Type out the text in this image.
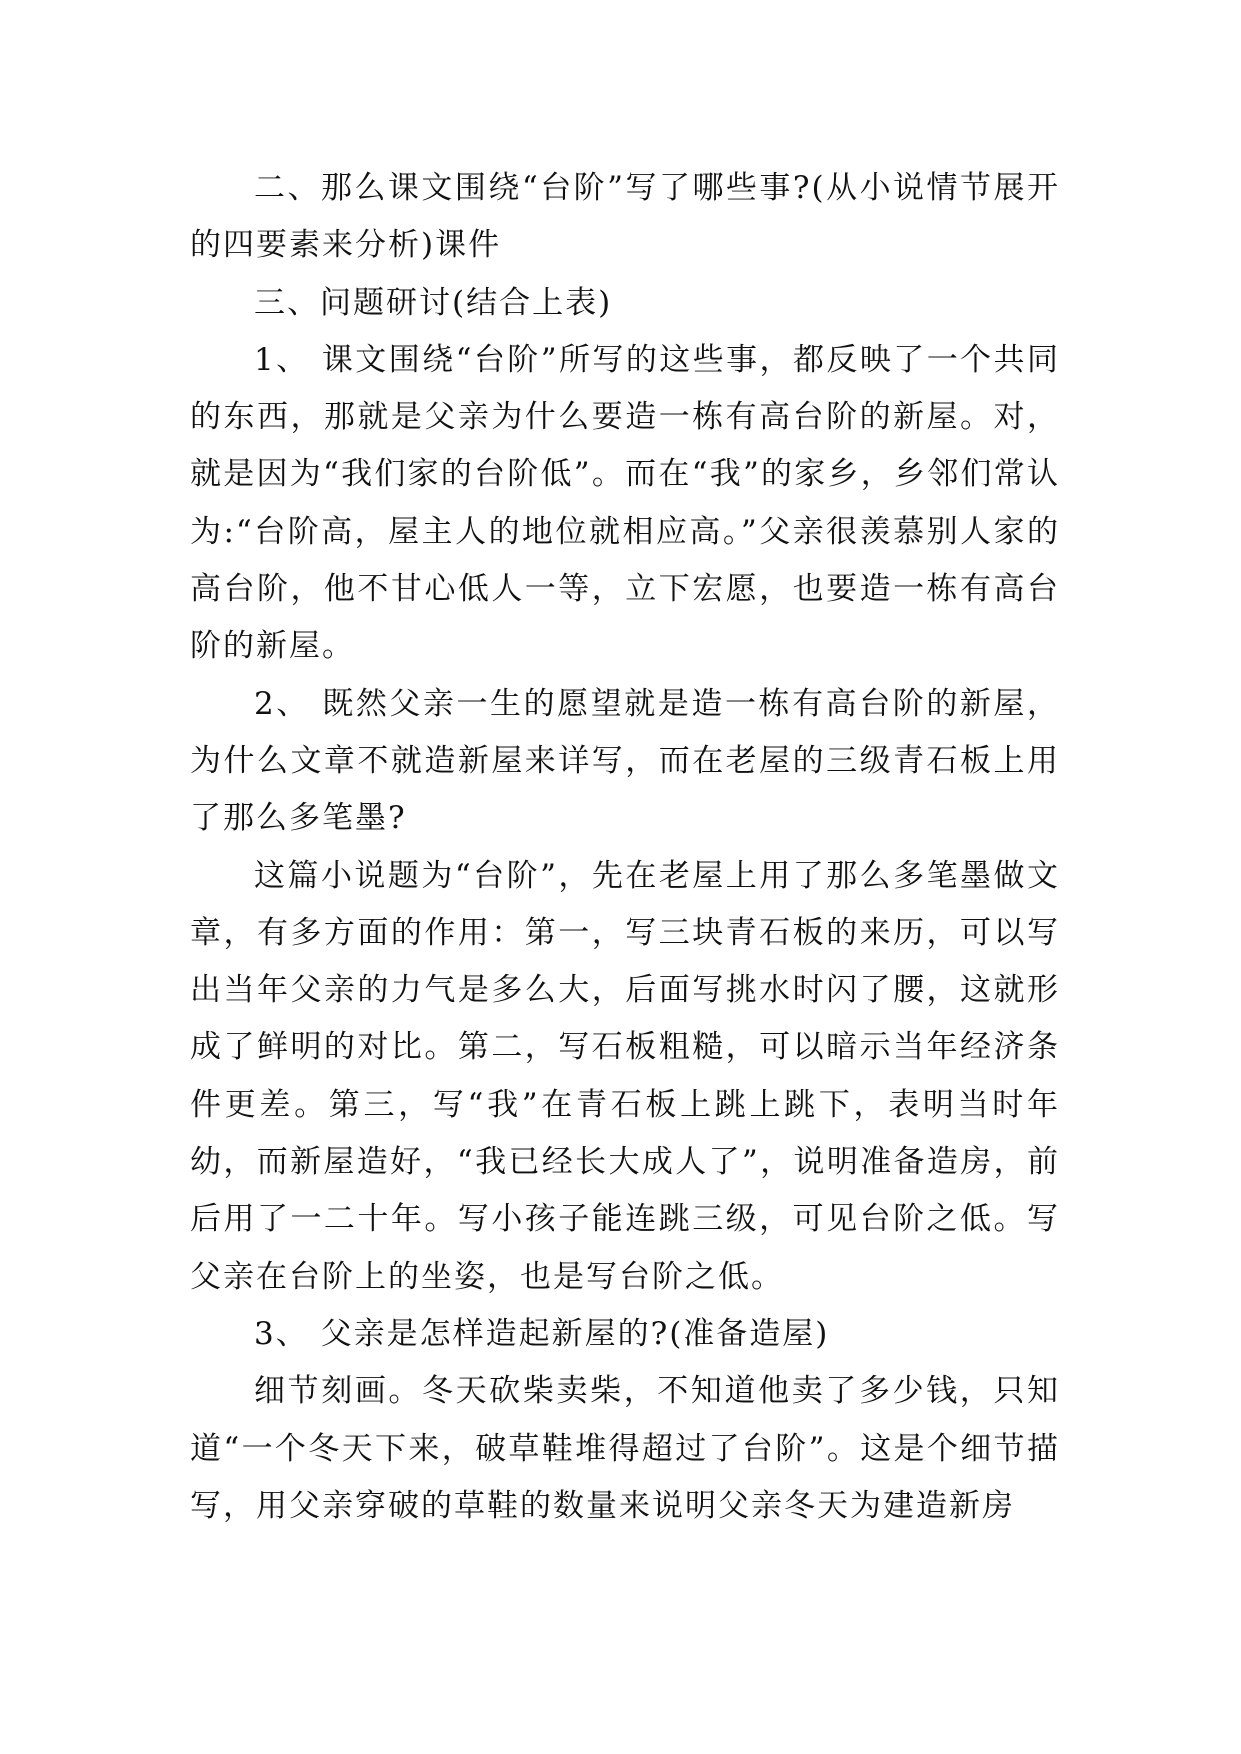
二、那么课文围绕“台阶”写了哪些事?(从小说情节展开的四要素来分析)课件

三、问题研讨(结合上表)

1、 课文围绕“台阶”所写的这些事，都反映了一个共同的东西，那就是父亲为什么要造一栋有高台阶的新屋。对，就是因为“我们家的台阶低”。而在“我”的家乡，乡邻们常认为:“台阶高，屋主人的地位就相应高。”父亲很羡慕别人家的高台阶，他不甘心低人一等，立下宏愿，也要造一栋有高台阶的新屋。

2、 既然父亲一生的愿望就是造一栋有高台阶的新屋，为什么文章不就造新屋来详写，而在老屋的三级青石板上用了那么多笔墨?

这篇小说题为“台阶”，先在老屋上用了那么多笔墨做文章，有多方面的作用：第一，写三块青石板的来历，可以写出当年父亲的力气是多么大，后面写挑水时闪了腰，这就形成了鲜明的对比。第二，写石板粗糙，可以暗示当年经济条件更差。第三，写“我”在青石板上跳上跳下，表明当时年幼，而新屋造好，“我已经长大成人了”，说明准备造房，前后用了一二十年。写小孩子能连跳三级，可见台阶之低。写父亲在台阶上的坐姿，也是写台阶之低。

3、 父亲是怎样造起新屋的?(准备造屋)

细节刻画。冬天砍柴卖柴，不知道他卖了多少钱，只知道“一个冬天下来，破草鞋堆得超过了台阶”。这是个细节描写，用父亲穿破的草鞋的数量来说明父亲冬天为建造新房
